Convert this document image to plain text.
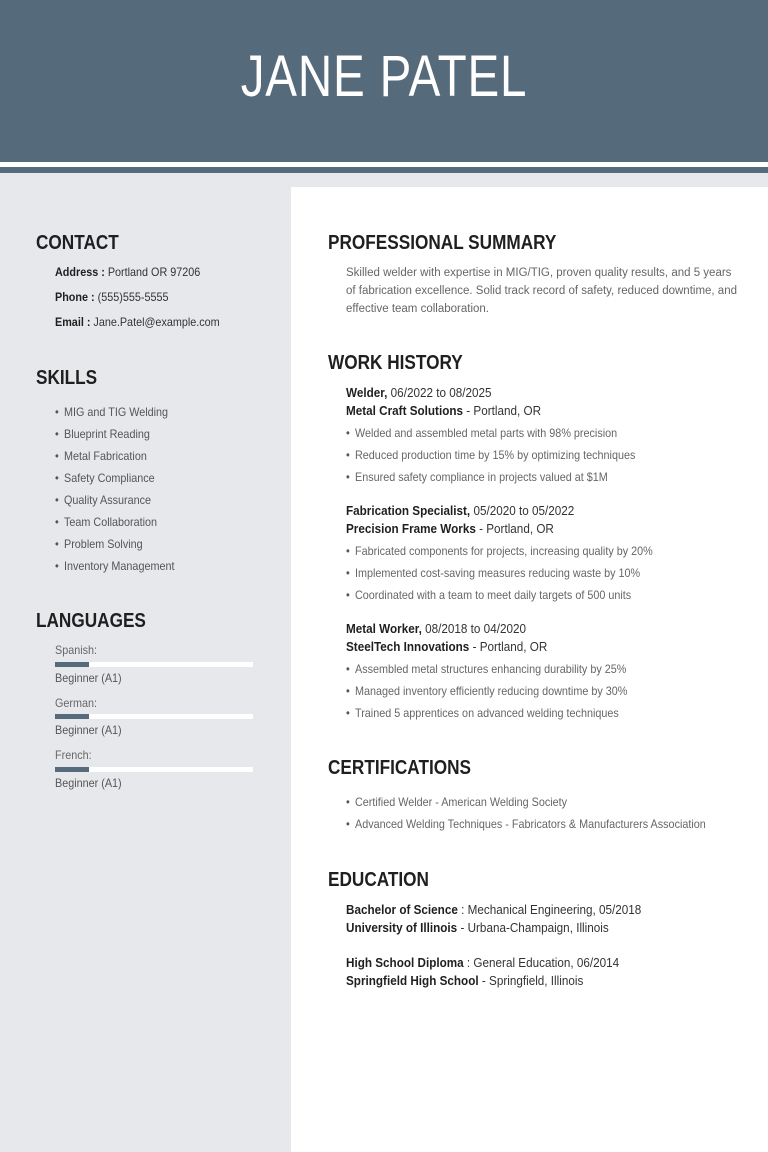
JANE PATEL
CONTACT
Address : Portland OR 97206
Phone : (555)555-5555
Email : Jane.Patel@example.com
SKILLS
• MIG and TIG Welding
• Blueprint Reading
• Metal Fabrication
• Safety Compliance
• Quality Assurance
• Team Collaboration
• Problem Solving
• Inventory Management
LANGUAGES
Spanish:
Beginner (A1)
German:
Beginner (A1)
French:
Beginner (A1)
PROFESSIONAL SUMMARY
Skilled welder with expertise in MIG/TIG, proven quality results, and 5 years of fabrication excellence. Solid track record of safety, reduced downtime, and effective team collaboration.
WORK HISTORY
Welder, 06/2022 to 08/2025
Metal Craft Solutions - Portland, OR
• Welded and assembled metal parts with 98% precision
• Reduced production time by 15% by optimizing techniques
• Ensured safety compliance in projects valued at $1M
Fabrication Specialist, 05/2020 to 05/2022
Precision Frame Works - Portland, OR
• Fabricated components for projects, increasing quality by 20%
• Implemented cost-saving measures reducing waste by 10%
• Coordinated with a team to meet daily targets of 500 units
Metal Worker, 08/2018 to 04/2020
SteelTech Innovations - Portland, OR
• Assembled metal structures enhancing durability by 25%
• Managed inventory efficiently reducing downtime by 30%
• Trained 5 apprentices on advanced welding techniques
CERTIFICATIONS
• Certified Welder - American Welding Society
• Advanced Welding Techniques - Fabricators & Manufacturers Association
EDUCATION
Bachelor of Science : Mechanical Engineering, 05/2018
University of Illinois - Urbana-Champaign, Illinois
High School Diploma : General Education, 06/2014
Springfield High School - Springfield, Illinois
